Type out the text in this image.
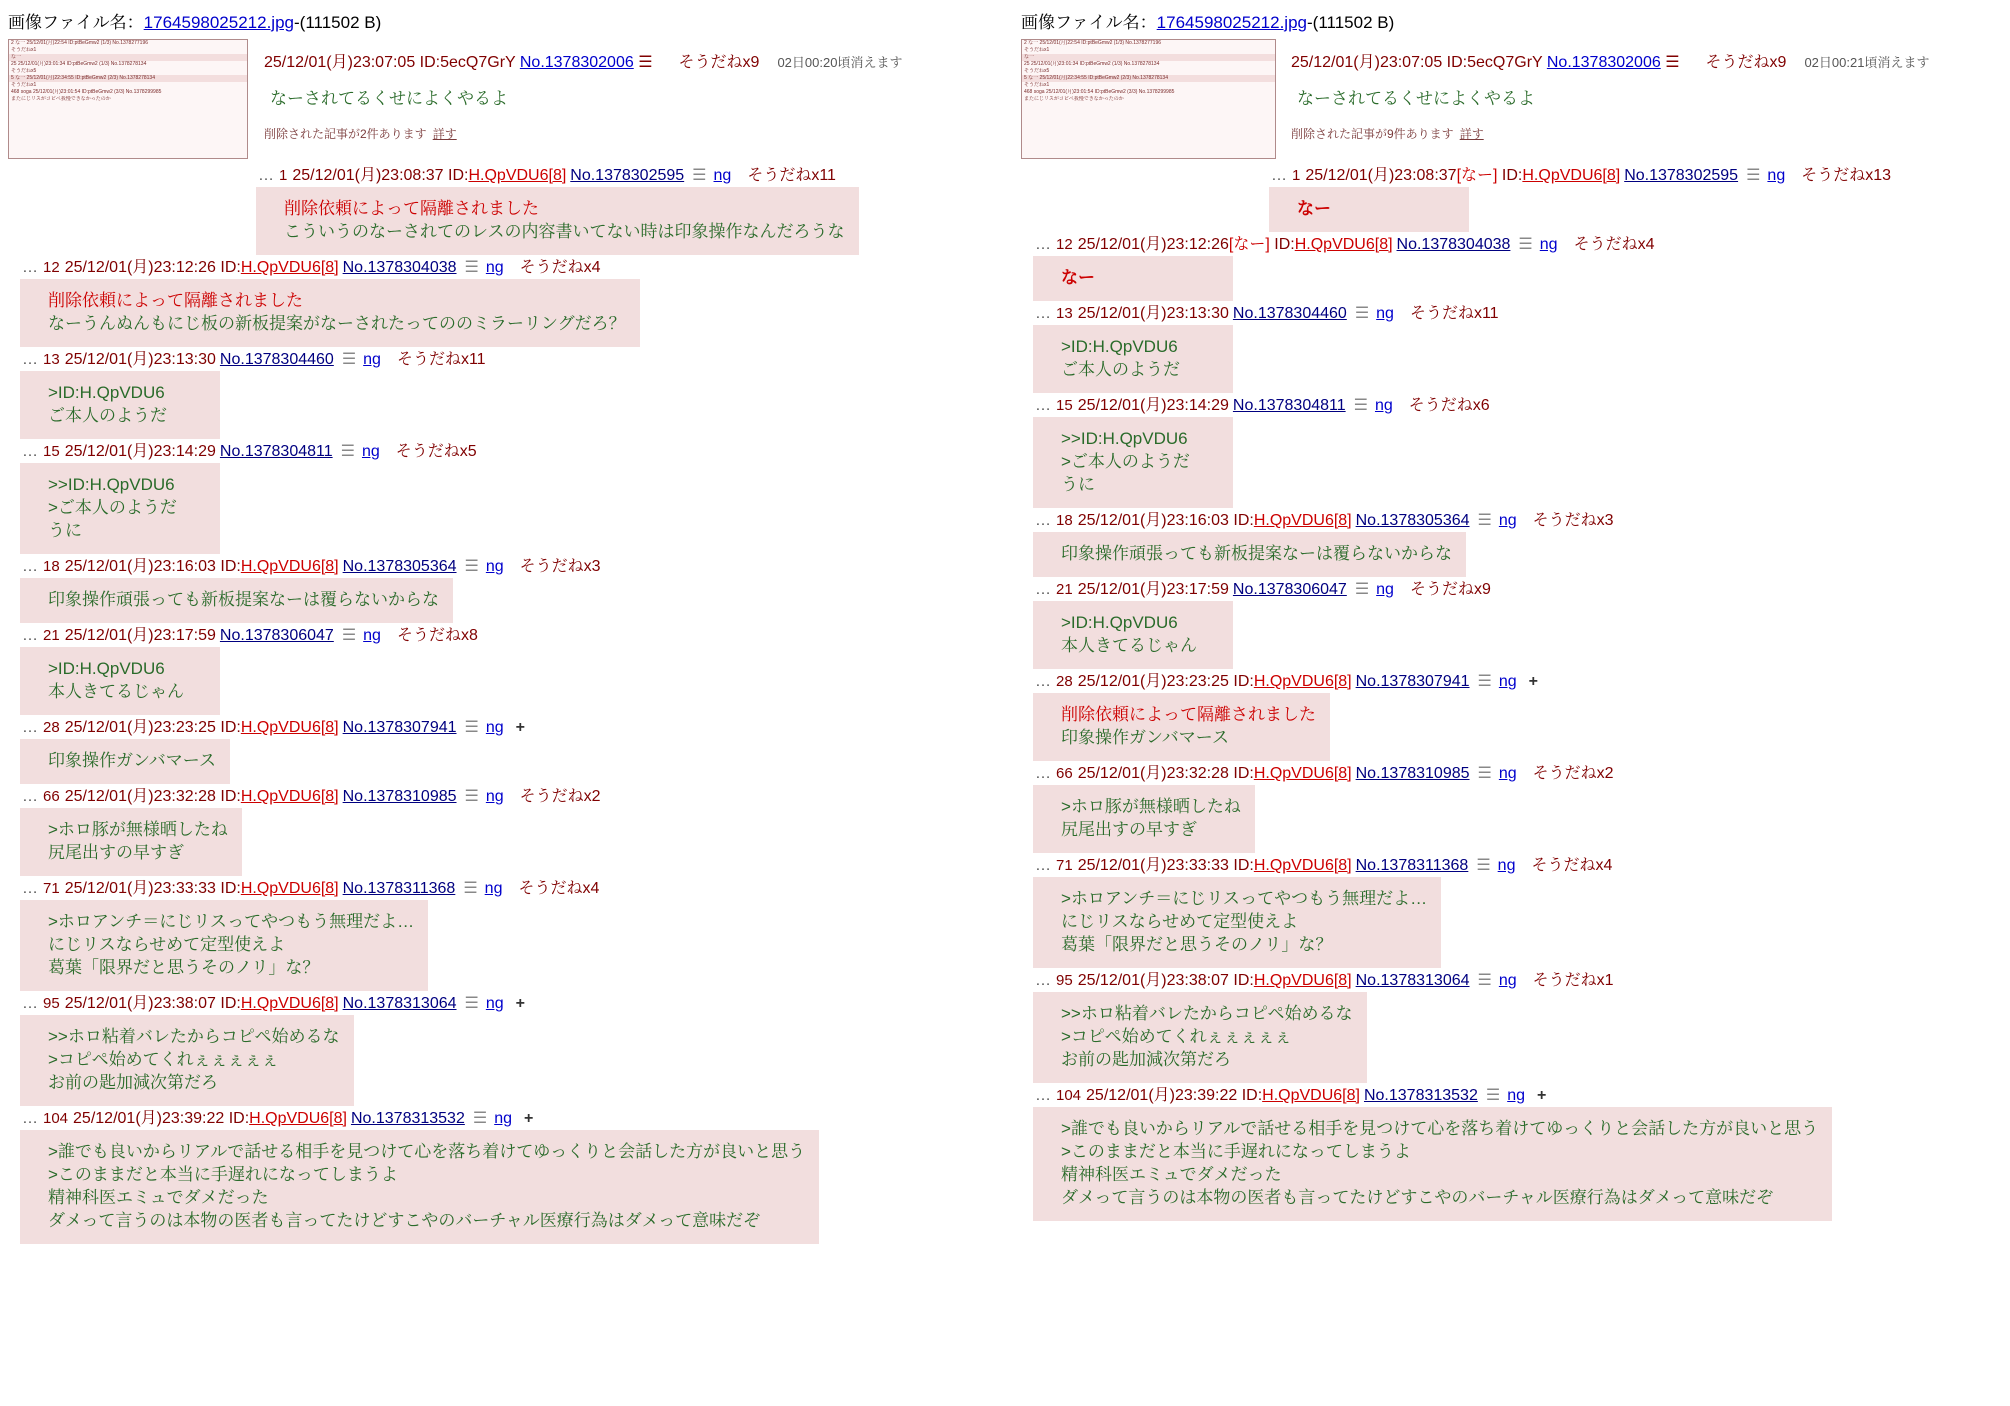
画像ファイル名：1764598025212.jpg-(111502 B)
2 な一 25/12/01(月)22:54 ID:ptBeGmw2 (1/3) No.1378277196
そうだねx1
な一
25 25/12/01(月)23:01:34 ID:ptBeGmw2 (1/3) No.1378278134
そうだねx5
5 な一 25/12/01(月)22:34:55 ID:ptBeGmw2 (2/3) No.1378278134
そうだねx1
468 soga 25/12/01(月)23:01:54 ID:ptBeGmw2 (3/3) No.1378299985
またにじリスがコピペ我慢できなかったのか
25/12/01(月)23:07:05 ID:5ecQ7GrY No.1378302006 ☰ そうだねx9 02日00:20頃消えます
なーされてるくせによくやるよ
削除された記事が2件あります 詳す
… 1 25/12/01(月)23:08:37 ID:H.QpVDU6[8] No.1378302595 ☰ ng そうだねx11
削除依頼によって隔離されました
こういうのなーされてのレスの内容書いてない時は印象操作なんだろうな
… 12 25/12/01(月)23:12:26 ID:H.QpVDU6[8] No.1378304038 ☰ ng そうだねx4
削除依頼によって隔離されました
なーうんぬんもにじ板の新板提案がなーされたってののミラーリングだろ？
… 13 25/12/01(月)23:13:30 No.1378304460 ☰ ng そうだねx11
>ID:H.QpVDU6
ご本人のようだ
… 15 25/12/01(月)23:14:29 No.1378304811 ☰ ng そうだねx5
>>ID:H.QpVDU6
>ご本人のようだ
うに
… 18 25/12/01(月)23:16:03 ID:H.QpVDU6[8] No.1378305364 ☰ ng そうだねx3
印象操作頑張っても新板提案なーは覆らないからな
… 21 25/12/01(月)23:17:59 No.1378306047 ☰ ng そうだねx8
>ID:H.QpVDU6
本人きてるじゃん
… 28 25/12/01(月)23:23:25 ID:H.QpVDU6[8] No.1378307941 ☰ ng +
印象操作ガンバマース
… 66 25/12/01(月)23:32:28 ID:H.QpVDU6[8] No.1378310985 ☰ ng そうだねx2
>ホロ豚が無様晒したね
尻尾出すの早すぎ
… 71 25/12/01(月)23:33:33 ID:H.QpVDU6[8] No.1378311368 ☰ ng そうだねx4
>ホロアンチ＝にじリスってやつもう無理だよ…
にじリスならせめて定型使えよ
葛葉「限界だと思うそのノリ」な？
… 95 25/12/01(月)23:38:07 ID:H.QpVDU6[8] No.1378313064 ☰ ng +
>>ホロ粘着バレたからコピペ始めるな
>コピペ始めてくれぇぇぇぇぇ
お前の匙加減次第だろ
… 104 25/12/01(月)23:39:22 ID:H.QpVDU6[8] No.1378313532 ☰ ng +
>誰でも良いからリアルで話せる相手を見つけて心を落ち着けてゆっくりと会話した方が良いと思う
>このままだと本当に手遅れになってしまうよ
精神科医エミュでダメだった
ダメって言うのは本物の医者も言ってたけどすこやのバーチャル医療行為はダメって意味だぞ
画像ファイル名：1764598025212.jpg-(111502 B)
2 な一 25/12/01(月)22:54 ID:ptBeGmw2 (1/3) No.1378277196
そうだねx1
な一
25 25/12/01(月)23:01:34 ID:ptBeGmw2 (1/3) No.1378278134
そうだねx5
5 な一 25/12/01(月)22:34:55 ID:ptBeGmw2 (2/3) No.1378278134
そうだねx1
468 soga 25/12/01(月)23:01:54 ID:ptBeGmw2 (3/3) No.1378299985
またにじリスがコピペ我慢できなかったのか
25/12/01(月)23:07:05 ID:5ecQ7GrY No.1378302006 ☰ そうだねx9 02日00:21頃消えます
なーされてるくせによくやるよ
削除された記事が9件あります 詳す
… 1 25/12/01(月)23:08:37[なー] ID:H.QpVDU6[8] No.1378302595 ☰ ng そうだねx13
なー
… 12 25/12/01(月)23:12:26[なー] ID:H.QpVDU6[8] No.1378304038 ☰ ng そうだねx4
なー
… 13 25/12/01(月)23:13:30 No.1378304460 ☰ ng そうだねx11
>ID:H.QpVDU6
ご本人のようだ
… 15 25/12/01(月)23:14:29 No.1378304811 ☰ ng そうだねx6
>>ID:H.QpVDU6
>ご本人のようだ
うに
… 18 25/12/01(月)23:16:03 ID:H.QpVDU6[8] No.1378305364 ☰ ng そうだねx3
印象操作頑張っても新板提案なーは覆らないからな
… 21 25/12/01(月)23:17:59 No.1378306047 ☰ ng そうだねx9
>ID:H.QpVDU6
本人きてるじゃん
… 28 25/12/01(月)23:23:25 ID:H.QpVDU6[8] No.1378307941 ☰ ng +
削除依頼によって隔離されました
印象操作ガンバマース
… 66 25/12/01(月)23:32:28 ID:H.QpVDU6[8] No.1378310985 ☰ ng そうだねx2
>ホロ豚が無様晒したね
尻尾出すの早すぎ
… 71 25/12/01(月)23:33:33 ID:H.QpVDU6[8] No.1378311368 ☰ ng そうだねx4
>ホロアンチ＝にじリスってやつもう無理だよ…
にじリスならせめて定型使えよ
葛葉「限界だと思うそのノリ」な？
… 95 25/12/01(月)23:38:07 ID:H.QpVDU6[8] No.1378313064 ☰ ng そうだねx1
>>ホロ粘着バレたからコピペ始めるな
>コピペ始めてくれぇぇぇぇぇ
お前の匙加減次第だろ
… 104 25/12/01(月)23:39:22 ID:H.QpVDU6[8] No.1378313532 ☰ ng +
>誰でも良いからリアルで話せる相手を見つけて心を落ち着けてゆっくりと会話した方が良いと思う
>このままだと本当に手遅れになってしまうよ
精神科医エミュでダメだった
ダメって言うのは本物の医者も言ってたけどすこやのバーチャル医療行為はダメって意味だぞ
